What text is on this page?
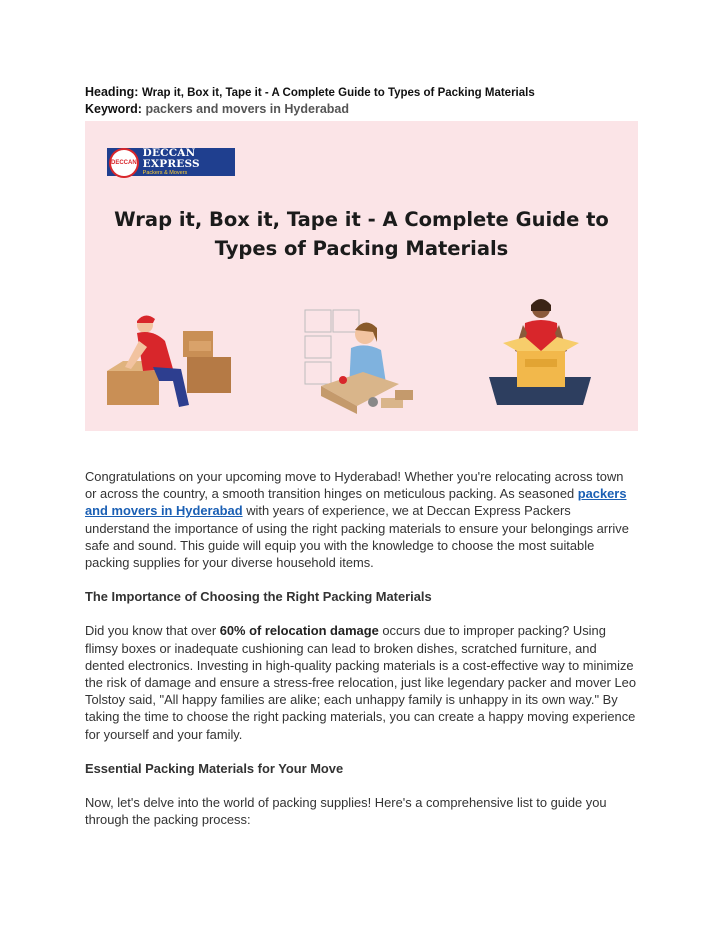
Heading: Wrap it, Box it, Tape it - A Complete Guide to Types of Packing Materials
Keyword: packers and movers in Hyderabad
DECCAN
DECCAN EXPRESS
Packers & Movers
Wrap it, Box it, Tape it - A Complete Guide to
Types of Packing Materials

Congratulations on your upcoming move to Hyderabad! Whether you're relocating across town or across the country, a smooth transition hinges on meticulous packing. As seasoned packers and movers in Hyderabad with years of experience, we at Deccan Express Packers understand the importance of using the right packing materials to ensure your belongings arrive safe and sound. This guide will equip you with the knowledge to choose the most suitable packing supplies for your diverse household items.

The Importance of Choosing the Right Packing Materials

Did you know that over 60% of relocation damage occurs due to improper packing? Using flimsy boxes or inadequate cushioning can lead to broken dishes, scratched furniture, and dented electronics. Investing in high-quality packing materials is a cost-effective way to minimize the risk of damage and ensure a stress-free relocation, just like legendary packer and mover Leo Tolstoy said, "All happy families are alike; each unhappy family is unhappy in its own way." By taking the time to choose the right packing materials, you can create a happy moving experience for yourself and your family.

Essential Packing Materials for Your Move

Now, let's delve into the world of packing supplies! Here's a comprehensive list to guide you through the packing process:
